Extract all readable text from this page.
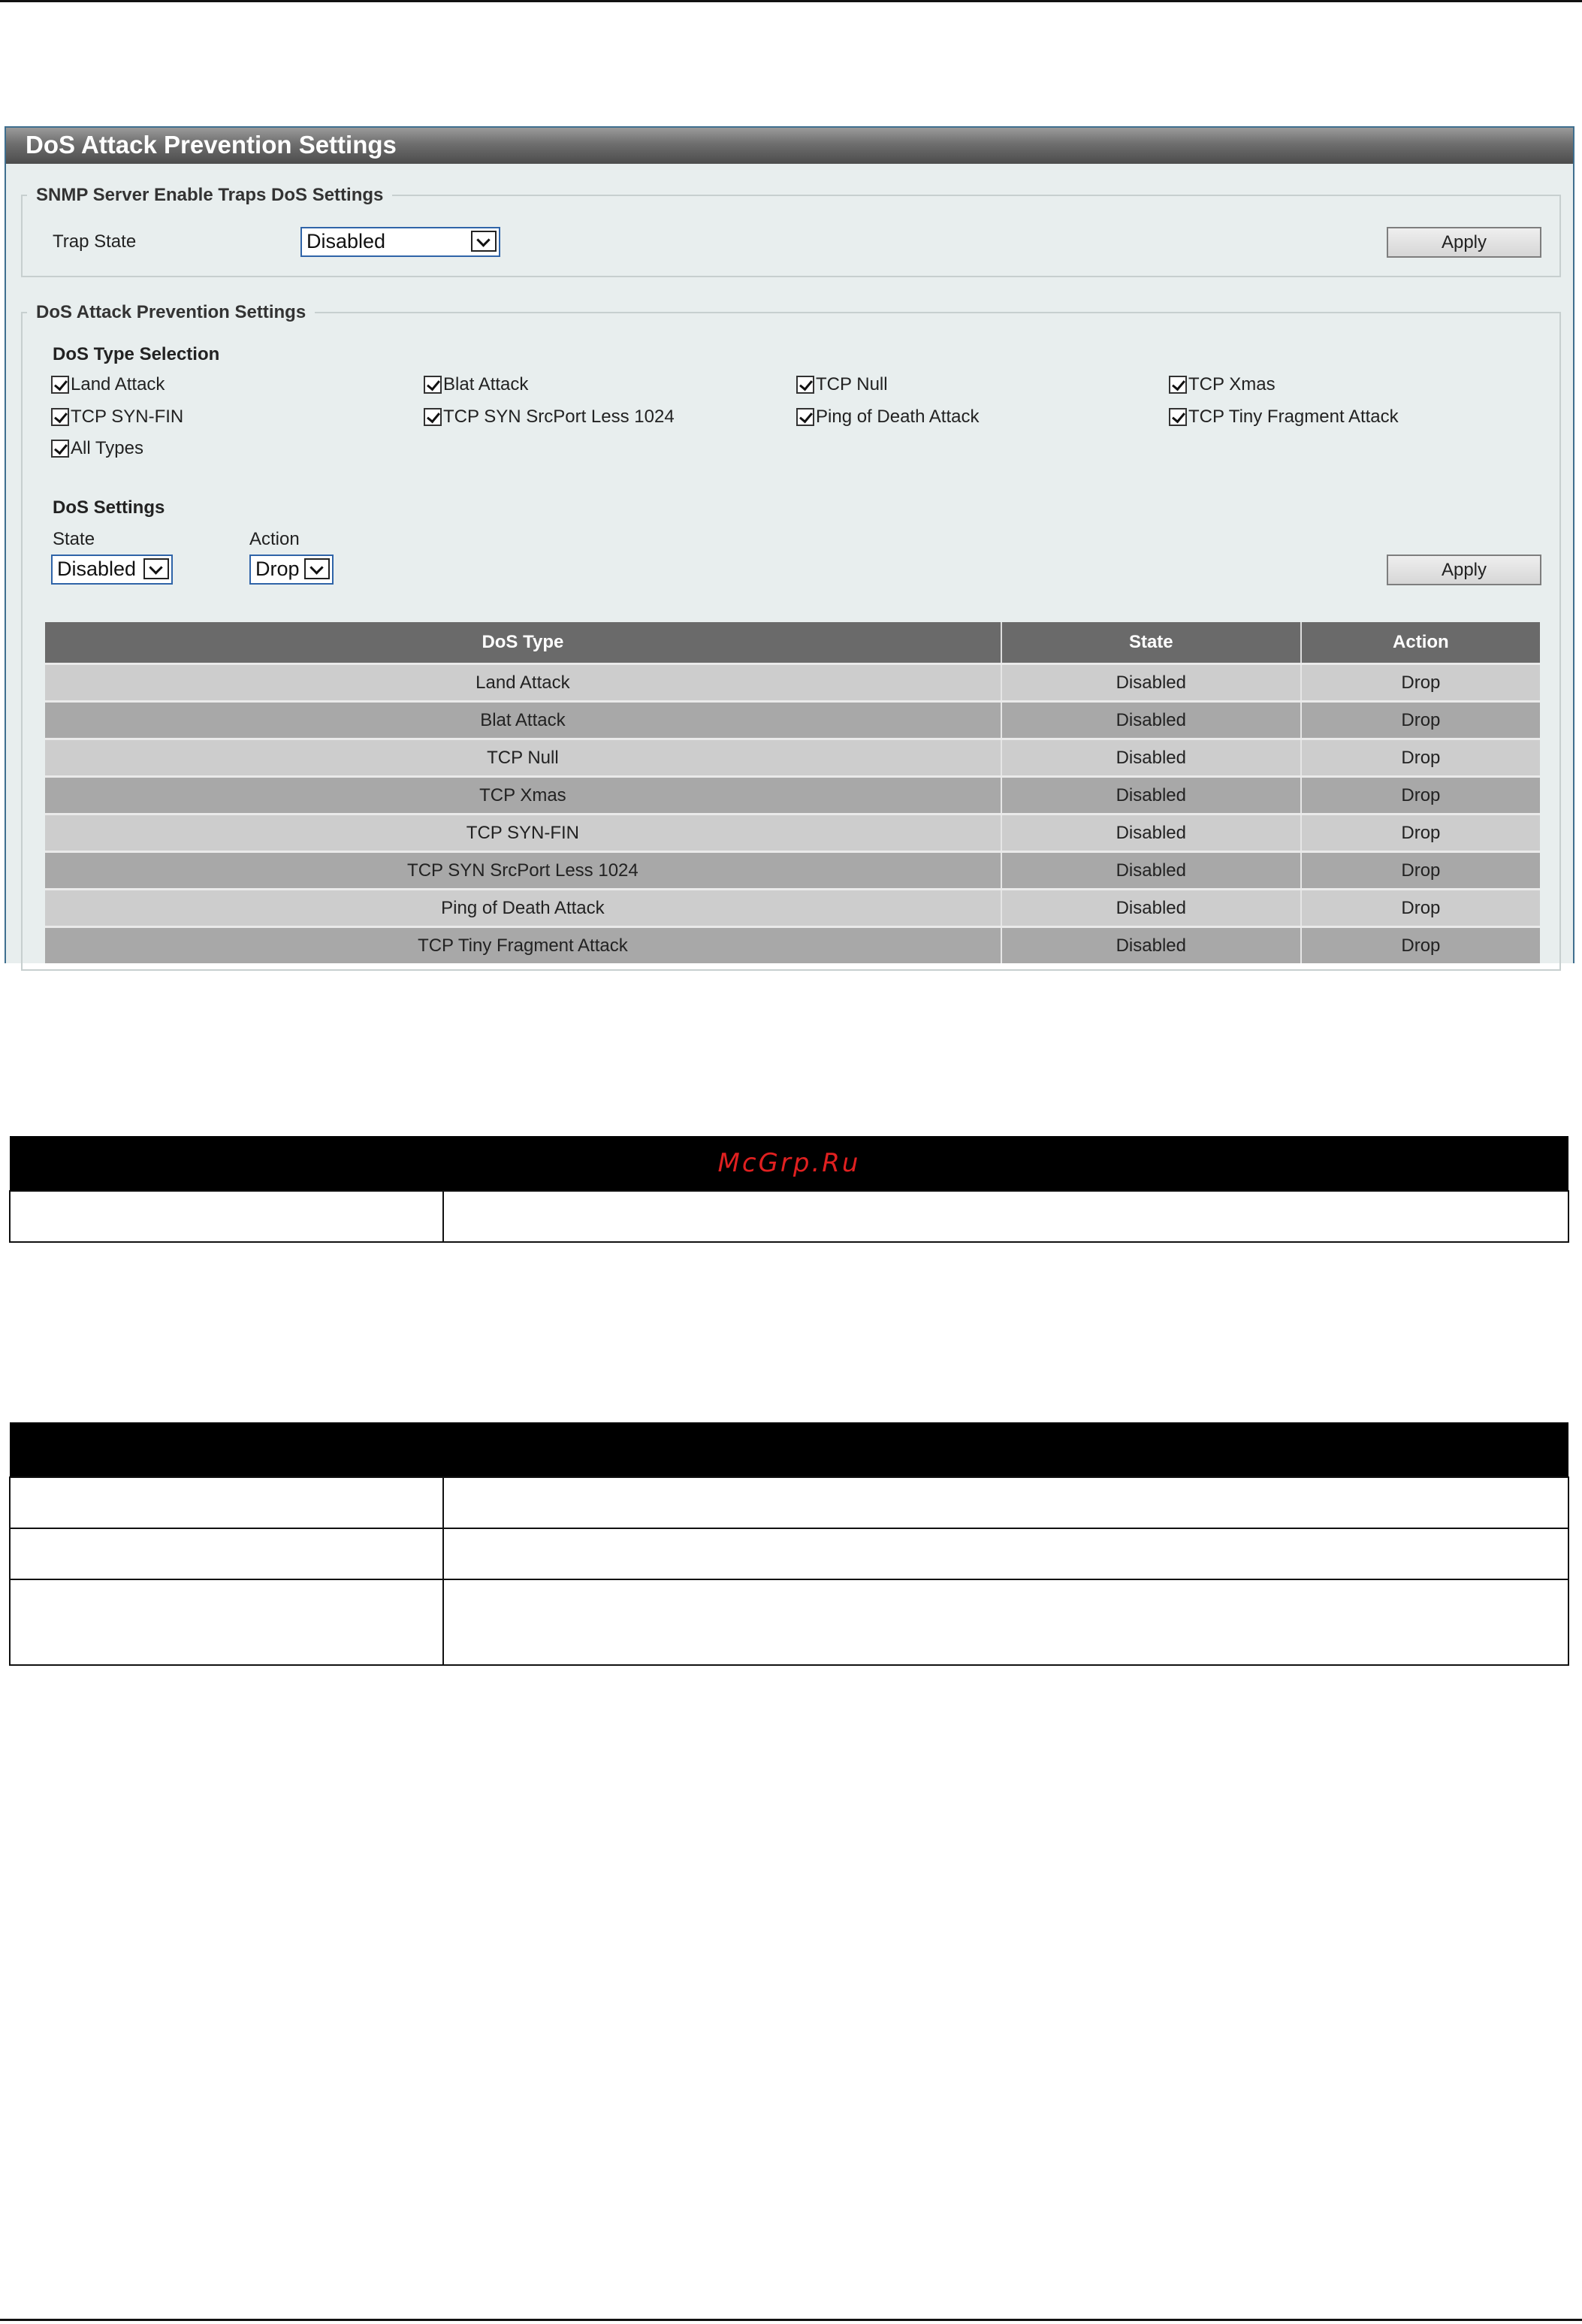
DoS Attack Prevention Settings
SNMP Server Enable Traps DoS Settings
Trap State	Disabled	Apply
DoS Attack Prevention Settings
DoS Type Selection
Land Attack	Blat Attack	TCP Null	TCP Xmas
TCP SYN-FIN	TCP SYN SrcPort Less 1024	Ping of Death Attack	TCP Tiny Fragment Attack
All Types
DoS Settings
State	Action
Disabled	Drop	Apply
DoS Type	State	Action
Land Attack	Disabled	Drop
Blat Attack	Disabled	Drop
TCP Null	Disabled	Drop
TCP Xmas	Disabled	Drop
TCP SYN-FIN	Disabled	Drop
TCP SYN SrcPort Less 1024	Disabled	Drop
Ping of Death Attack	Disabled	Drop
TCP Tiny Fragment Attack	Disabled	Drop
McGrp.Ru
